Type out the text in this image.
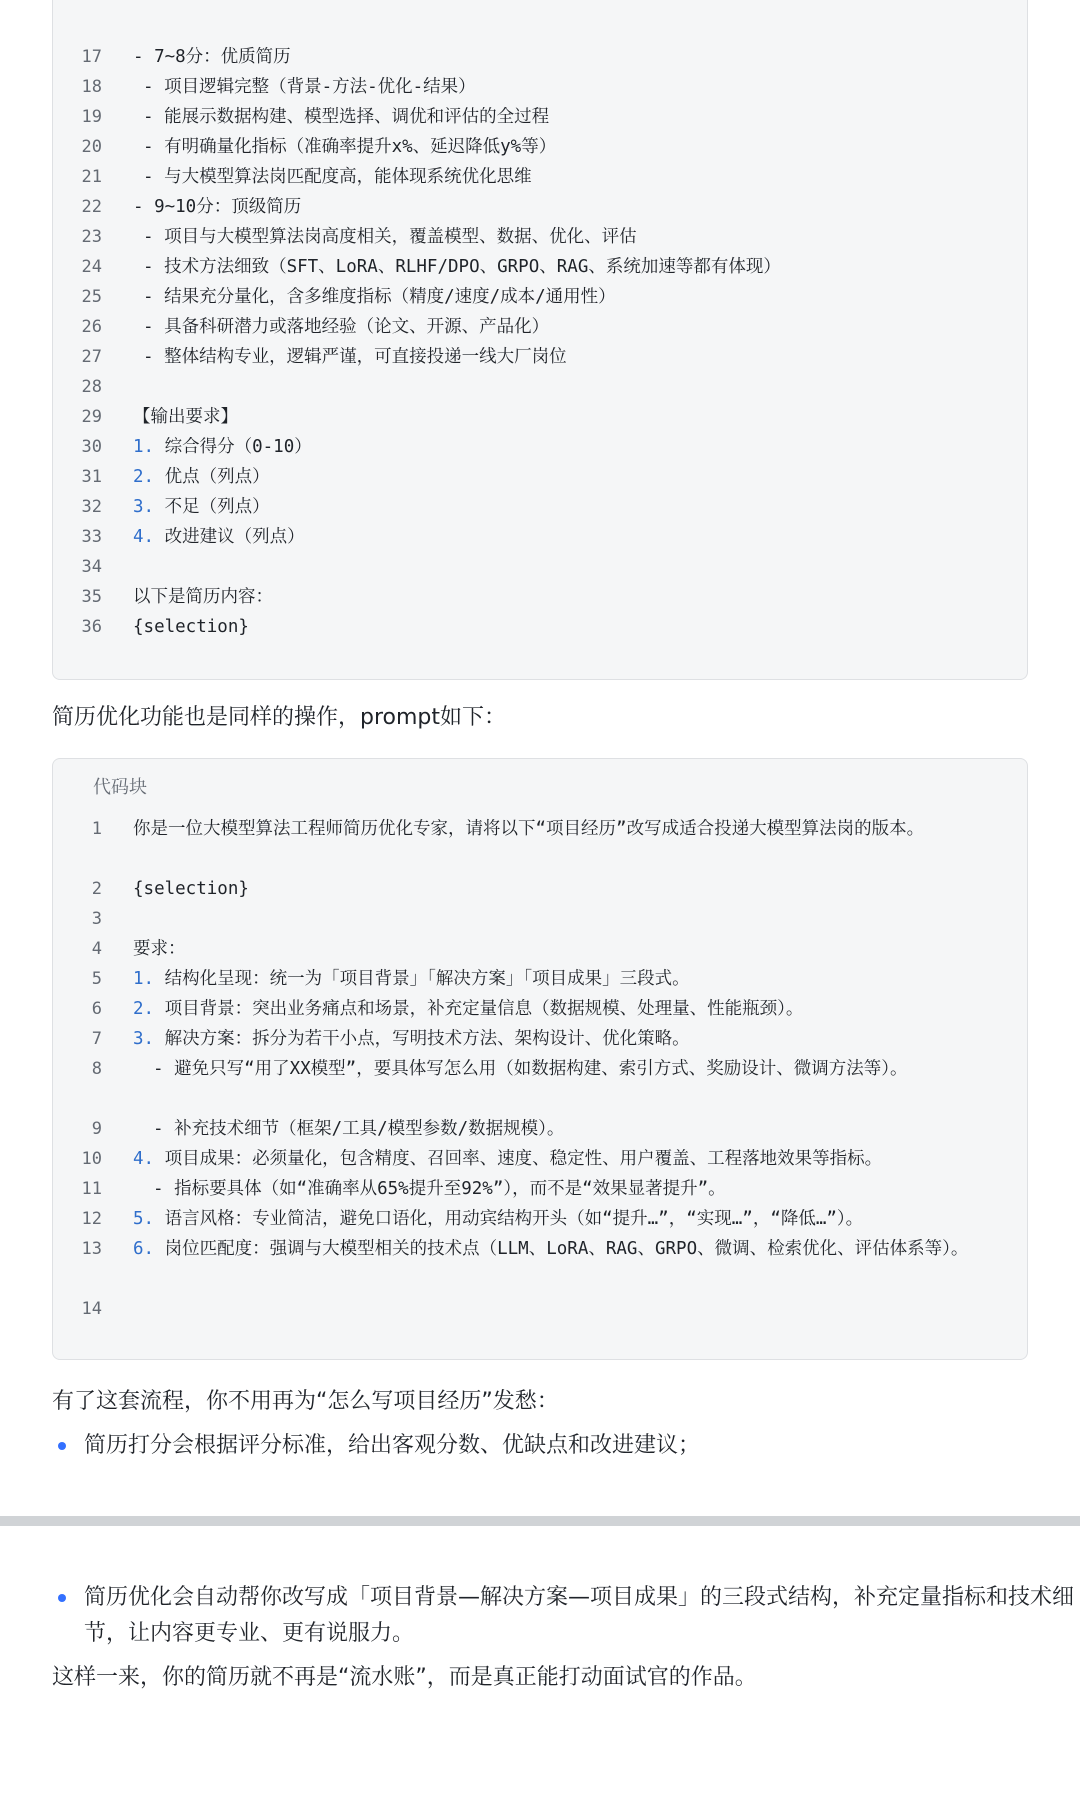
17 - 7~8分：优质简历
18	- 项目逻辑完整（背景-方法-优化-结果）
19	- 能展示数据构建、模型选择、调优和评估的全过程
20	- 有明确量化指标（准确率提升x%、延迟降低y%等）
21	- 与大模型算法岗匹配度高，能体现系统优化思维
22 - 9~10分：顶级简历
23	- 项目与大模型算法岗高度相关，覆盖模型、数据、优化、评估
24	- 技术方法细致（SFT、LoRA、RLHF/DPO、GRPO、RAG、系统加速等都有体现）
25	- 结果充分量化，含多维度指标（精度/速度/成本/通用性）
26	- 具备科研潜力或落地经验（论文、开源、产品化）
27	- 整体结构专业，逻辑严谨，可直接投递一线大厂岗位
28
29 【输出要求】
30 1. 综合得分（0-10）
31 2. 优点（列点）
32 3. 不足（列点）
33 4. 改进建议（列点）
34
35 以下是简历内容：
36 {selection}
简历优化功能也是同样的操作，prompt如下：
代码块
1 你是一位大模型算法工程师简历优化专家，请将以下“项目经历”改写成适合投递大模型算法岗的版本。
2 {selection}
3
4 要求：
5 1. 结构化呈现：统一为「项目背景」「解决方案」「项目成果」三段式。
6 2. 项目背景：突出业务痛点和场景，补充定量信息（数据规模、处理量、性能瓶颈）。
7 3. 解决方案：拆分为若干小点，写明技术方法、架构设计、优化策略。
8	- 避免只写“用了XX模型”，要具体写怎么用（如数据构建、索引方式、奖励设计、微调方法等）。
9	- 补充技术细节（框架/工具/模型参数/数据规模）。
10 4. 项目成果：必须量化，包含精度、召回率、速度、稳定性、用户覆盖、工程落地效果等指标。
11	- 指标要具体（如“准确率从65%提升至92%”），而不是“效果显著提升”。
12 5. 语言风格：专业简洁，避免口语化，用动宾结构开头（如“提升…”，“实现…”，“降低…”）。
13 6. 岗位匹配度：强调与大模型相关的技术点（LLM、LoRA、RAG、GRPO、微调、检索优化、评估体系等）。
14
有了这套流程，你不用再为“怎么写项目经历”发愁：
简历打分会根据评分标准，给出客观分数、优缺点和改进建议；
简历优化会自动帮你改写成「项目背景—解决方案—项目成果」的三段式结构，补充定量指标和技术细节，让内容更专业、更有说服力。
这样一来，你的简历就不再是“流水账”，而是真正能打动面试官的作品。
